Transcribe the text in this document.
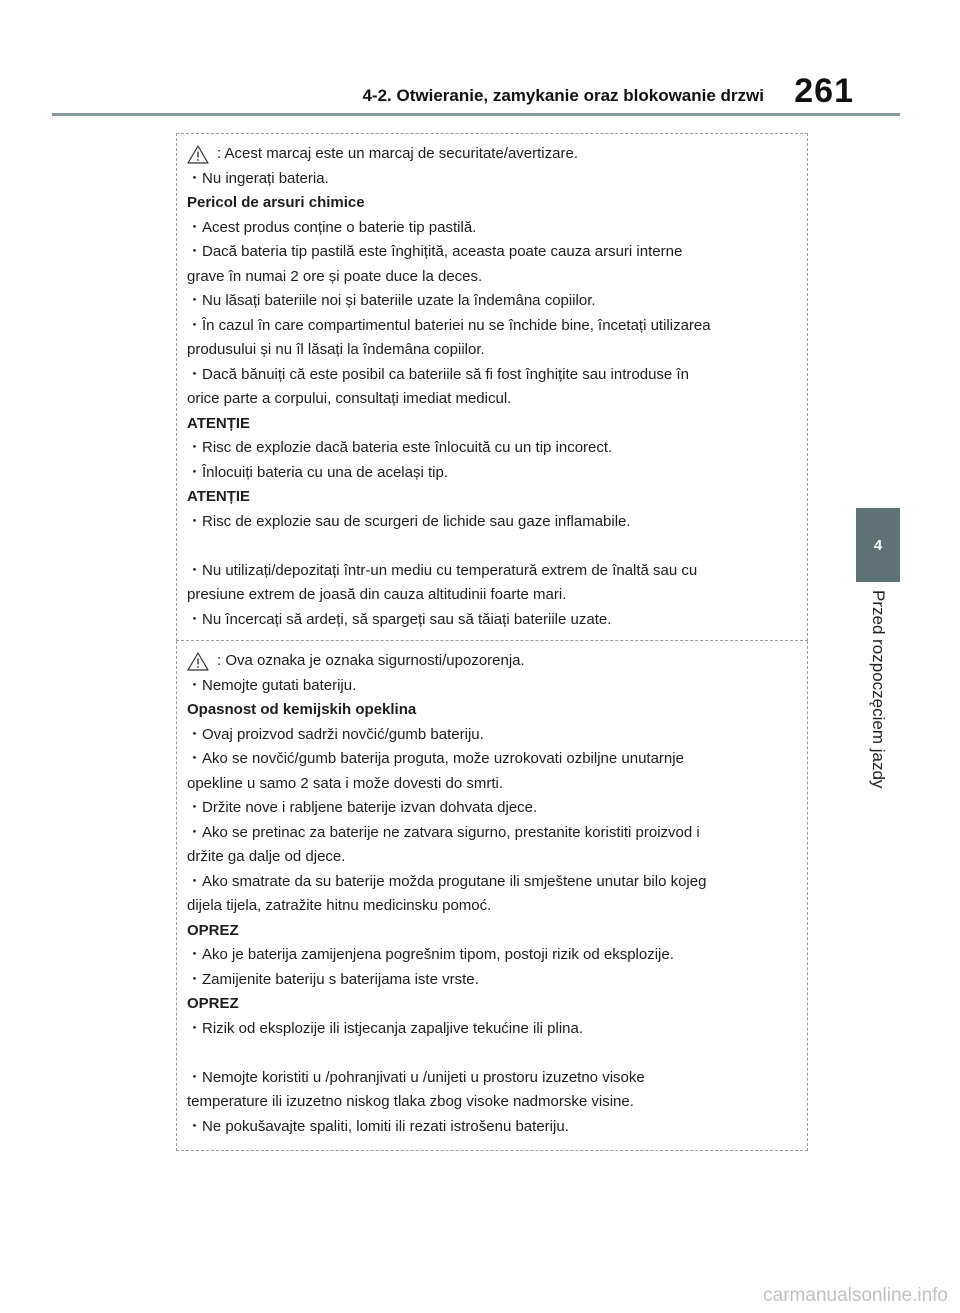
4-2. Otwieranie, zamykanie oraz blokowanie drzwi 261
4
Przed rozpoczęciem jazdy
: Acest marcaj este un marcaj de securitate/avertizare.
・Nu ingerați bateria.
Pericol de arsuri chimice
・Acest produs conține o baterie tip pastilă.
・Dacă bateria tip pastilă este înghițită, aceasta poate cauza arsuri interne
grave în numai 2 ore și poate duce la deces.
・Nu lăsați bateriile noi și bateriile uzate la îndemâna copiilor.
・În cazul în care compartimentul bateriei nu se închide bine, încetați utilizarea
produsului și nu îl lăsați la îndemâna copiilor.
・Dacă bănuiți că este posibil ca bateriile să fi fost înghițite sau introduse în
orice parte a corpului, consultați imediat medicul.
ATENȚIE
・Risc de explozie dacă bateria este înlocuită cu un tip incorect.
・Înlocuiți bateria cu una de același tip.
ATENȚIE
・Risc de explozie sau de scurgeri de lichide sau gaze inflamabile.
・Nu utilizați/depozitați într-un mediu cu temperatură extrem de înaltă sau cu
presiune extrem de joasă din cauza altitudinii foarte mari.
・Nu încercați să ardeți, să spargeți sau să tăiați bateriile uzate.
: Ova oznaka je oznaka sigurnosti/upozorenja.
・Nemojte gutati bateriju.
Opasnost od kemijskih opeklina
・Ovaj proizvod sadrži novčić/gumb bateriju.
・Ako se novčić/gumb baterija proguta, može uzrokovati ozbiljne unutarnje
opekline u samo 2 sata i može dovesti do smrti.
・Držite nove i rabljene baterije izvan dohvata djece.
・Ako se pretinac za baterije ne zatvara sigurno, prestanite koristiti proizvod i
držite ga dalje od djece.
・Ako smatrate da su baterije možda progutane ili smještene unutar bilo kojeg
dijela tijela, zatražite hitnu medicinsku pomoć.
OPREZ
・Ako je baterija zamijenjena pogrešnim tipom, postoji rizik od eksplozije.
・Zamijenite bateriju s baterijama iste vrste.
OPREZ
・Rizik od eksplozije ili istjecanja zapaljive tekućine ili plina.
・Nemojte koristiti u /pohranjivati u /unijeti u prostoru izuzetno visoke
temperature ili izuzetno niskog tlaka zbog visoke nadmorske visine.
・Ne pokušavajte spaliti, lomiti ili rezati istrošenu bateriju.
carmanualsonline.info
